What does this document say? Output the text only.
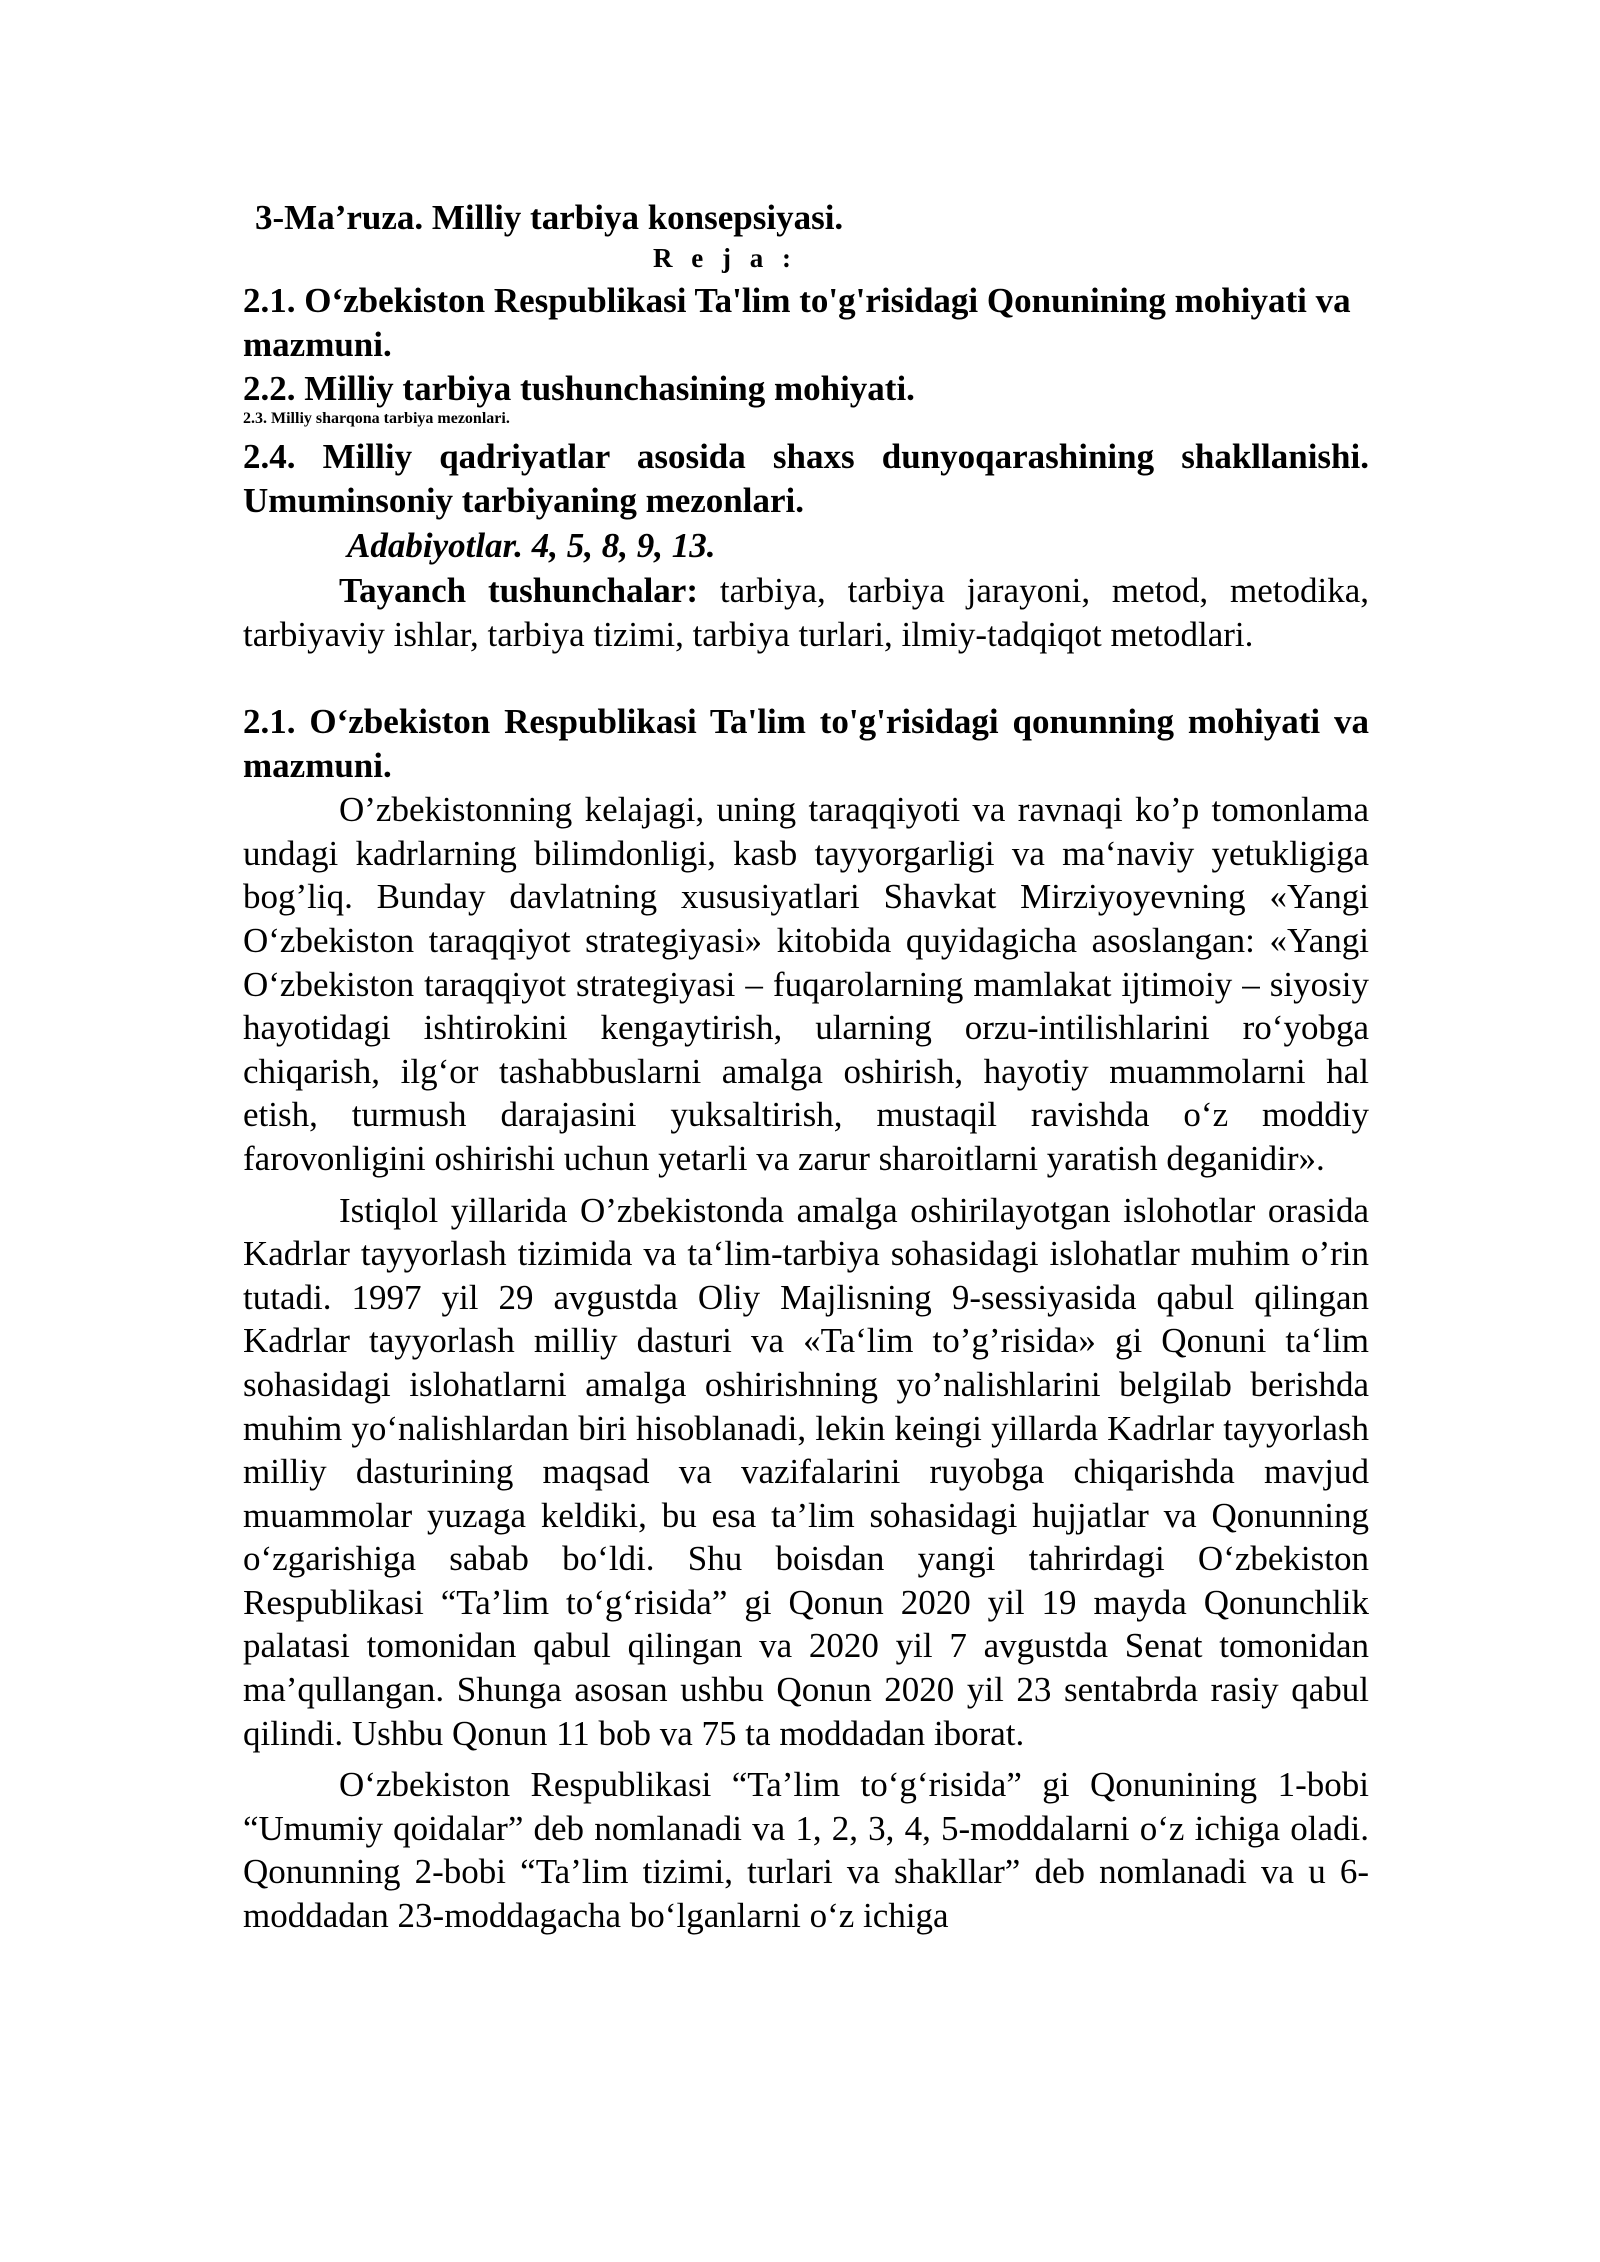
3-Ma’ruza. Milliy tarbiya konsepsiyasi.
R e j a :
2.1. O‘zbekiston Respublikasi Ta'lim to'g'risidagi Qonunining mohiyati va mazmuni.
2.2. Milliy tarbiya tushunchasining mohiyati.
2.3. Milliy sharqona tarbiya mezonlari.
2.4. Milliy qadriyatlar asosida shaxs dunyoqarashining shakllanishi. Umuminsoniy tarbiyaning mezonlari.
Adabiyotlar. 4, 5, 8, 9, 13.

Tayanch tushunchalar: tarbiya, tarbiya jarayoni, metod, metodika, tarbiyaviy ishlar, tarbiya tizimi, tarbiya turlari, ilmiy-tadqiqot metodlari.

2.1. O‘zbekiston Respublikasi Ta'lim to'g'risidagi qonunning mohiyati va mazmuni.

O’zbekistonning kelajagi, uning taraqqiyoti va ravnaqi ko’p tomonlama undagi kadrlarning bilimdonligi, kasb tayyorgarligi va ma‘naviy yetukligiga bog’liq. Bunday davlatning xususiyatlari Shavkat Mirziyoyevning «Yangi O‘zbekiston taraqqiyot strategiyasi» kitobida quyidagicha asoslangan: «Yangi O‘zbekiston taraqqiyot strategiyasi – fuqarolarning mamlakat ijtimoiy – siyosiy hayotidagi ishtirokini kengaytirish, ularning orzu-intilishlarini ro‘yobga chiqarish, ilg‘or tashabbuslarni amalga oshirish, hayotiy muammolarni hal etish, turmush darajasini yuksaltirish, mustaqil ravishda o‘z moddiy farovonligini oshirishi uchun yetarli va zarur sharoitlarni yaratish deganidir».

Istiqlol yillarida O’zbekistonda amalga oshirilayotgan islohotlar orasida Kadrlar tayyorlash tizimida va ta‘lim-tarbiya sohasidagi islohatlar muhim o’rin tutadi. 1997 yil 29 avgustda Oliy Majlisning 9-sessiyasida qabul qilingan Kadrlar tayyorlash milliy dasturi va «Ta‘lim to’g’risida» gi Qonuni ta‘lim sohasidagi islohatlarni amalga oshirishning yo’nalishlarini belgilab berishda muhim yo‘nalishlardan biri hisoblanadi, lekin keingi yillarda Kadrlar tayyorlash milliy dasturining maqsad va vazifalarini ruyobga chiqarishda mavjud muammolar yuzaga keldiki, bu esa ta’lim sohasidagi hujjatlar va Qonunning o‘zgarishiga sabab bo‘ldi. Shu boisdan yangi tahrirdagi O‘zbekiston Respublikasi “Ta’lim to‘g‘risida” gi Qonun 2020 yil 19 mayda Qonunchlik palatasi tomonidan qabul qilingan va 2020 yil 7 avgustda Senat tomonidan ma’qullangan. Shunga asosan ushbu Qonun 2020 yil 23 sentabrda rasiy qabul qilindi. Ushbu Qonun 11 bob va 75 ta moddadan iborat.

O‘zbekiston Respublikasi “Ta’lim to‘g‘risida” gi Qonunining 1-bobi “Umumiy qoidalar” deb nomlanadi va 1, 2, 3, 4, 5-moddalarni o‘z ichiga oladi. Qonunning 2-bobi “Ta’lim tizimi, turlari va shakllar” deb nomlanadi va u 6-moddadan 23-moddagacha bo‘lganlarni o‘z ichiga
